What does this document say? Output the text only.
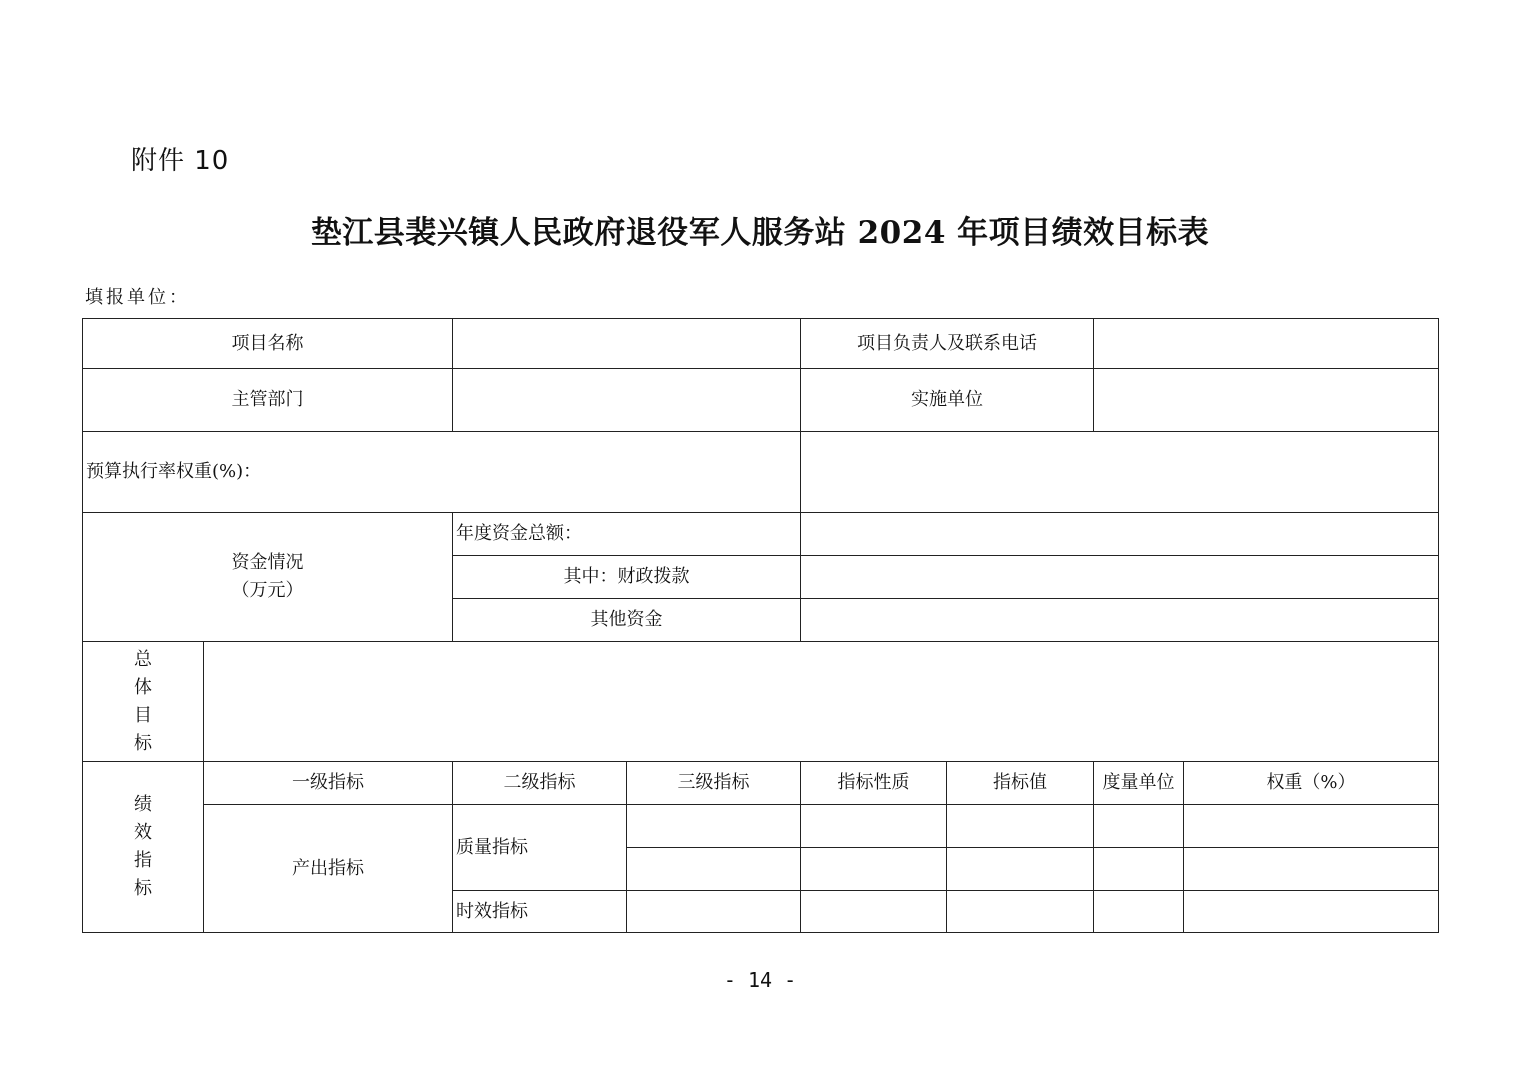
附件 10
垫江县裴兴镇人民政府退役军人服务站 2024 年项目绩效目标表
填报单位：
项目名称				项目负责人及联系电话			
主管部门				实施单位			
预算执行率权重(%)：							

资金情况
（万元）		年度资金总额：					
		其中：财政拨款					
		其他资金					

总
体
目
标							

绩
效
指
标	一级指标	二级指标	三级指标	指标性质	指标值	度量单位	权重（%）
	产出指标	质量指标					

		时效指标					
- 14 -
